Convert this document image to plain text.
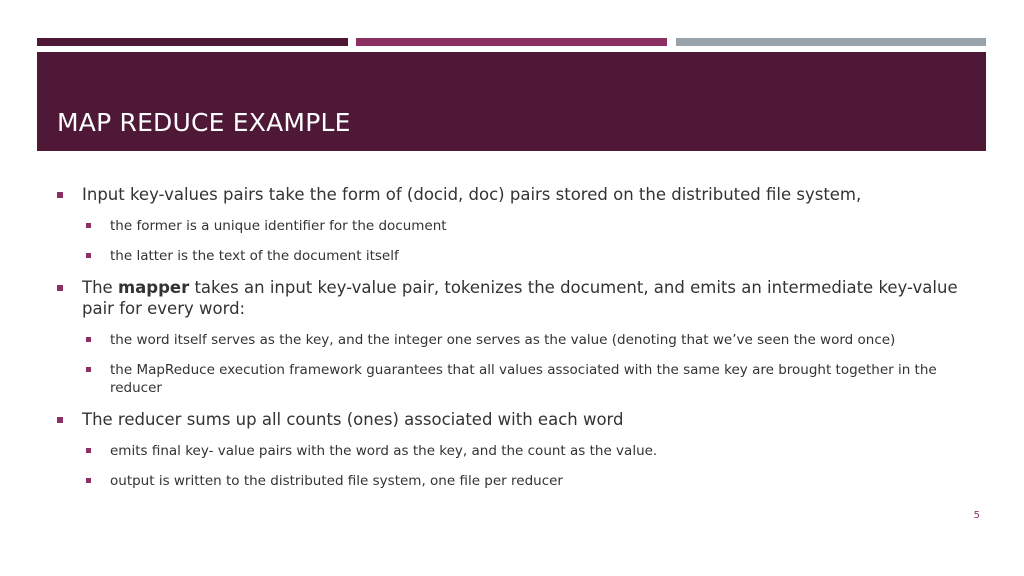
MAP REDUCE EXAMPLE
Input key-values pairs take the form of (docid, doc) pairs stored on the distributed file system,
the former is a unique identifier for the document
the latter is the text of the document itself
The mapper takes an input key-value pair, tokenizes the document, and emits an intermediate key-value pair for every word:
the word itself serves as the key, and the integer one serves as the value (denoting that we’ve seen the word once)
the MapReduce execution framework guarantees that all values associated with the same key are brought together in the reducer
The reducer sums up all counts (ones) associated with each word
emits final key- value pairs with the word as the key, and the count as the value.
output is written to the distributed file system, one file per reducer
5
